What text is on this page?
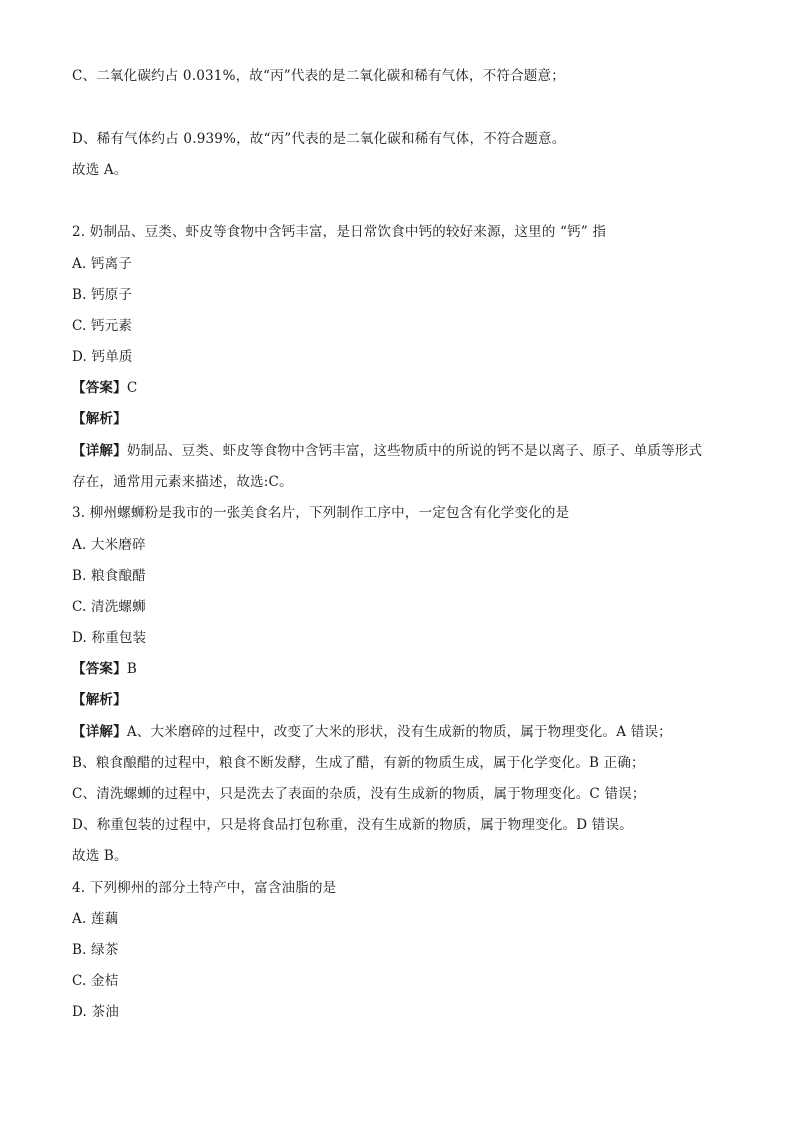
C、二氧化碳约占 0.031%，故“丙”代表的是二氧化碳和稀有气体，不符合题意；
D、稀有气体约占 0.939%，故“丙”代表的是二氧化碳和稀有气体，不符合题意。
故选 A。
2. 奶制品、豆类、虾皮等食物中含钙丰富，是日常饮食中钙的较好来源，这里的 “钙” 指
A. 钙离子
B. 钙原子
C. 钙元素
D. 钙单质
【答案】C
【解析】
【详解】奶制品、豆类、虾皮等食物中含钙丰富，这些物质中的所说的钙不是以离子、原子、单质等形式
存在，通常用元素来描述，故选:C。
3. 柳州螺蛳粉是我市的一张美食名片，下列制作工序中，一定包含有化学变化的是
A. 大米磨碎
B. 粮食酿醋
C. 清洗螺蛳
D. 称重包装
【答案】B
【解析】
【详解】A、大米磨碎的过程中，改变了大米的形状，没有生成新的物质，属于物理变化。A 错误；
B、粮食酿醋的过程中，粮食不断发酵，生成了醋，有新的物质生成，属于化学变化。B 正确；
C、清洗螺蛳的过程中，只是洗去了表面的杂质，没有生成新的物质，属于物理变化。C 错误；
D、称重包装的过程中，只是将食品打包称重，没有生成新的物质，属于物理变化。D 错误。
故选 B。
4. 下列柳州的部分土特产中，富含油脂的是
A. 莲藕
B. 绿茶
C. 金桔
D. 茶油
